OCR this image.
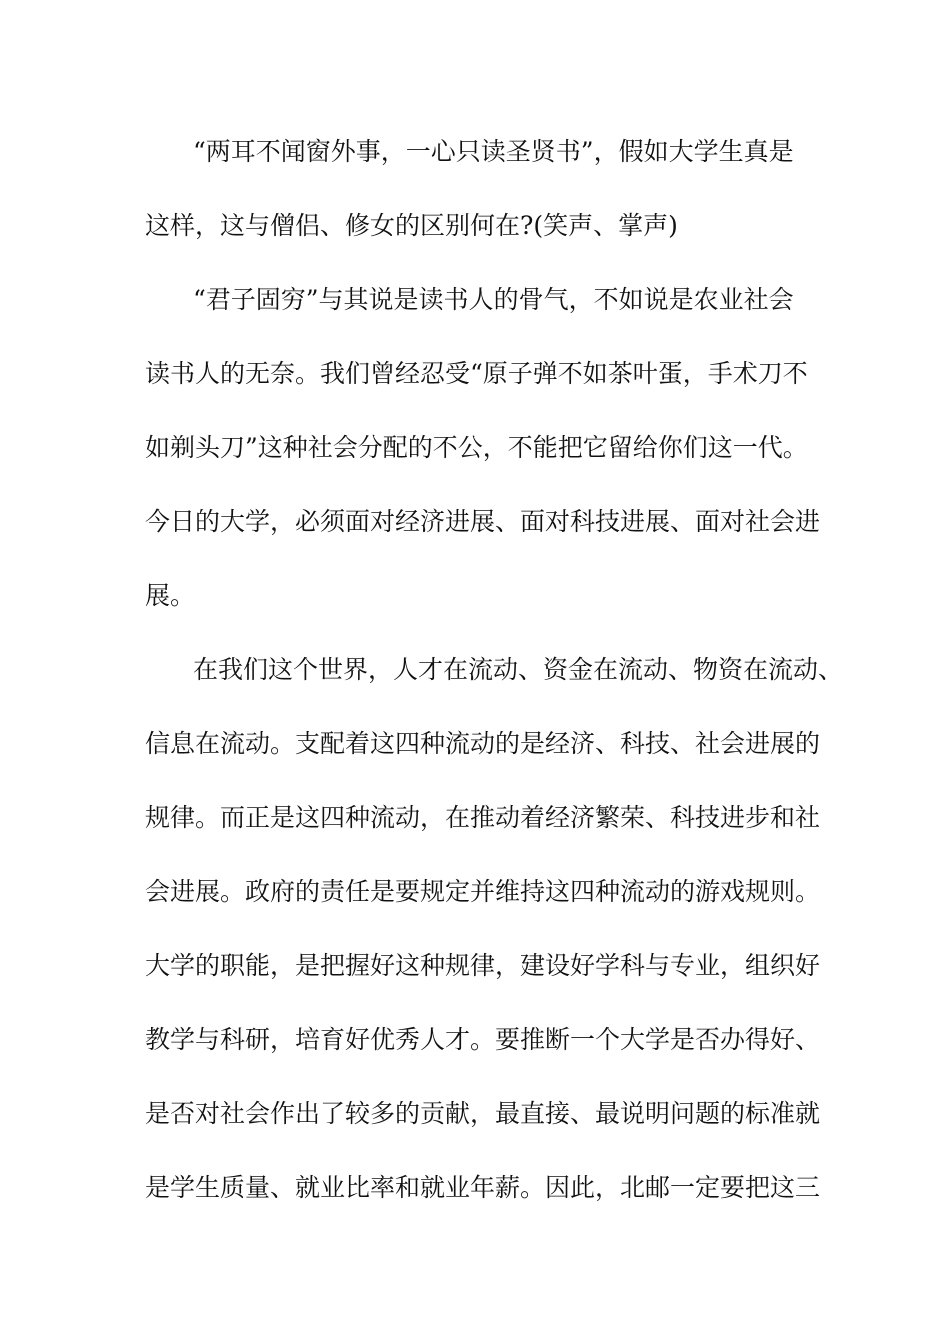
“两耳不闻窗外事，一心只读圣贤书”，假如大学生真是
这样，这与僧侣、修女的区别何在?(笑声、掌声)
“君子固穷”与其说是读书人的骨气，不如说是农业社会
读书人的无奈。我们曾经忍受“原子弹不如茶叶蛋，手术刀不
如剃头刀”这种社会分配的不公，不能把它留给你们这一代。
今日的大学，必须面对经济进展、面对科技进展、面对社会进
展。
在我们这个世界，人才在流动、资金在流动、物资在流动、
信息在流动。支配着这四种流动的是经济、科技、社会进展的
规律。而正是这四种流动，在推动着经济繁荣、科技进步和社
会进展。政府的责任是要规定并维持这四种流动的游戏规则。
大学的职能，是把握好这种规律，建设好学科与专业，组织好
教学与科研，培育好优秀人才。要推断一个大学是否办得好、
是否对社会作出了较多的贡献，最直接、最说明问题的标准就
是学生质量、就业比率和就业年薪。因此，北邮一定要把这三
